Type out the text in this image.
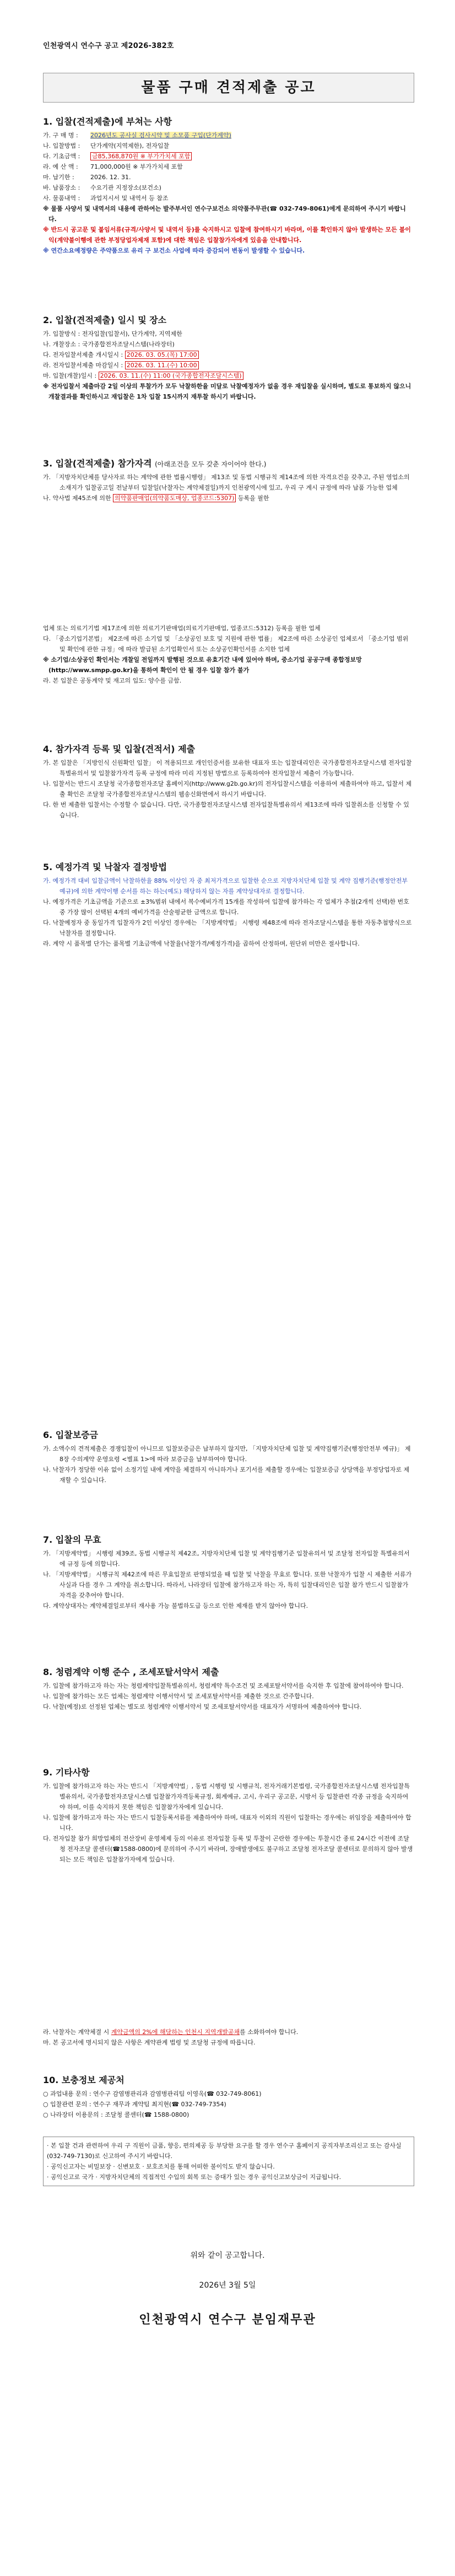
인천광역시 연수구 공고 제2026-382호
물품 구매 견적제출 공고
1. 입찰(견적제출)에 부쳐는 사항

가. 구 매 명 : 2026년도 공사실 검사시약 및 소모품 구입(단가계약)

나. 입찰방법 : 단가계약(지역제한), 전자입찰

다. 기초금액 : 금85,368,870원 ※ 부가가치세 포함

라. 예 산 액 : 71,000,000원 ※ 부가가치세 포함

마. 납기한 :	2026. 12. 31.

바. 납품장소 : 수요기관 지정장소(보건소)

사. 물품내역 : 과업지시서 및 내역서 등 참조

※ 물품 사양서 및 내역서의 내용에 관하여는 발주부서인 연수구보건소 의약품주무관(☎ 032-749-8061)에게 문의하여 주시기 바랍니다.

※ 반드시 공고문 및 붙임서류(규격/사양서 및 내역서 등)를 숙지하시고 입찰에 참여하시기 바라며, 이를 확인하지 않아 발생하는 모든 불이익(계약불이행에 관한 부정당업자제재 포함)에 대한 책임은 입찰참가자에게 있음을 안내합니다.

※ 연간소요예정량은 주약품으로 유리 구 보건소 사업에 따라 증감되어 변동이 발생할 수 있습니다.

2. 입찰(견적제출) 일시 및 장소

가. 입찰방식 : 전자입찰(입찰서), 단가계약, 지역제한

나. 개찰장소 : 국가종합전자조달시스템(나라장터)

다. 전자입찰서제출 개시일시 : 2026. 03. 05.(목) 17:00

라. 전자입찰서제출 마감일시 : 2026. 03. 11.(수) 10:00

마. 입찰(개찰)일시 : 2026. 03. 11.(수) 11:00 (국가종합전자조달시스템)

※ 전자입찰서 제출마감 2일 이상의 투찰가가 모두 낙찰하한율 미달로 낙찰예정자가 없을 경우 재입찰을 실시하며, 별도로 통보하지 않으니 개찰결과를 확인하시고 재입찰은 1차 입찰 15시까지 재투찰 하시기 바랍니다.

3. 입찰(견적제출) 참가자격 (아래조건을 모두 갖춘 자이어야 한다.)

가. 「지방자치단체를 당사자로 하는 계약에 관한 법률시행령」 제13조 및 동법 시행규칙 제14조에 의한 자격요건을 갖추고, 주된 영업소의 소재지가 입찰공고일 전날부터 입찰일(낙찰자는 계약체결일)까지 인천광역시에 있고, 우리 구 계시 규정에 따라 납품 가능한 업체

나. 약사법 제45조에 의한 의약품판매업(의약품도매상, 업종코드:5307) 등록을 필한

업체 또는 의료기기법 제17조에 의한 의료기기판매업(의료기기판매업, 업종코드:5312) 등록을 필한 업체

다. 「중소기업기본법」 제2조에 따른 소기업 및 「소상공인 보호 및 지원에 관한 법률」 제2조에 따른 소상공인 업체로서 「중소기업 범위 및 확인에 관한 규정」에 따라 발급된 소기업확인서 또는 소상공인확인서를 소지한 업체

※ 소기업/소상공인 확인서는 개찰일 전일까지 발행된 것으로 유효기간 내에 있어야 하며, 중소기업 공공구매 종합정보망(http://www.smpp.go.kr)을 통하여 확인이 안 될 경우 입찰 참가 불가

라. 본 입찰은 공동계약 및 재고의 입도: 양수를 금함.

4. 참가자격 등록 및 입찰(견적서) 제출

가. 본 입찰은 「지방인식 신원확인 입찰」 이 적용되므로 개인인증서를 보유한 대표자 또는 입찰대리인은 국가종합전자조달시스템 전자입찰특별유의서 및 입찰참가자격 등록 규정에 따라 미리 지정된 방법으로 등록하여야 전자입찰서 제출이 가능합니다.

나. 입찰서는 반드시 조달청 국가종합전자조달 홈페이지(http://www.g2b.go.kr)의 전자입찰시스템을 이용하여 제출하여야 하고, 입찰서 제출 확인은 조달청 국가종합전자조달시스템의 웹송신화면에서 하시기 바랍니다.

다. 한 번 제출한 입찰서는 수정할 수 없습니다. 다만, 국가종합전자조달시스템 전자입찰특별유의서 제13조에 따라 입찰취소를 신청할 수 있습니다.

5. 예정가격 및 낙찰자 결정방법

가. 예정가격 대비 입찰금액이 낙찰하한율 88% 이상인 자 중 최저가격으로 입찰한 순으로 지방자치단체 입찰 및 계약 집행기준(행정안전부 예규)에 의한 계약이행 순서를 하는 하는(예도) 해당하지 않는 자를 계약상대자로 결정합니다.

나. 예정가격은 기초금액을 기준으로 ±3%범위 내에서 복수예비가격 15개를 작성하여 입찰에 참가하는 각 업체가 추첨(2개씩 선택)한 번호 중 가장 많이 선택된 4개의 예비가격을 산술평균한 금액으로 합니다.

다. 낙찰예정자 중 동일가격 입찰자가 2인 이상인 경우에는 「지방계약법」 시행령 제48조에 따라 전자조달시스템을 통한 자동추첨방식으로 낙찰자를 결정합니다.

라. 계약 시 품목별 단가는 품목별 기초금액에 낙찰율(낙찰가격/예정가격)을 곱하여 산정하며, 원단위 미만은 절사합니다.

6. 입찰보증금

가. 소액수의 견적제출은 경쟁입찰이 아니므로 입찰보증금은 납부하지 않지만, 「지방자치단체 입찰 및 계약집행기준(행정안전부 예규)」 제8장 수의계약 운영요령 <별표 1>에 따라 보증금을 납부하여야 합니다.

나. 낙찰자가 정당한 이유 없이 소정기일 내에 계약을 체결하지 아니하거나 포기서를 제출할 경우에는 입찰보증금 상당액을 부정당업자로 제재할 수 있습니다.

7. 입찰의 무효

가. 「지방계약법」 시행령 제39조, 동법 시행규칙 제42조, 지방자치단체 입찰 및 계약집행기준 입찰유의서 및 조달청 전자입찰 특별유의서에 규정 등에 의합니다.

나. 「지방계약법」 시행규칙 제42조에 따른 무효입찰로 판명되었을 때 입찰 및 낙찰을 무효로 합니다. 또한 낙찰자가 입찰 시 제출한 서류가 사실과 다를 경우 그 계약을 취소합니다. 따라서, 나라장터 입찰에 참가하고자 하는 자, 특히 입찰대리인은 입찰 참가 반드시 입찰참가 자격을 갖추어야 합니다.

다. 계약상대자는 계약체결일로부터 재사용 가능 불법하도급 등으로 인한 제재를 받지 않아야 합니다.

8. 청렴계약 이행 준수 , 조세포탈서약서 제출

가. 입찰에 참가하고자 하는 자는 청렴계약입찰특별유의서, 청렴계약 특수조건 및 조세포탈서약서를 숙지한 후 입찰에 참여하여야 합니다.

나. 입찰에 참가하는 모든 업체는 청렴계약 이행서약서 및 조세포탈서약서를 제출한 것으로 간주합니다.

다. 낙찰(예정)로 선정된 업체는 별도로 청렴계약 이행서약서 및 조세포탈서약서를 대표자가 서명하여 제출하여야 합니다.

9. 기타사항

가. 입찰에 참가하고자 하는 자는 반드시 「지방계약법」, 동법 시행령 및 시행규칙, 전자거래기본법령, 국가종합전자조달시스템 전자입찰특별유의서, 국가종합전자조달시스템 입찰참가자격등록규정, 회계예규, 고시, 우리구 공고문, 시방서 등 입찰관련 각종 규정을 숙지하여야 하며, 이를 숙지하지 못한 책임은 입찰참가자에게 있습니다.

나. 입찰에 참가하고자 하는 자는 반드시 입찰등록서류를 제출하여야 하며, 대표자 이외의 직원이 입찰하는 경우에는 위임장을 제출하여야 합니다.

다. 전자입찰 참가 희망업체의 전산장비 운영체제 등의 이유로 전자입찰 등록 및 투찰이 곤란한 경우에는 투찰시간 종료 24시간 이전에 조달청 전자조달 콜센터(☎1588-0800)에 문의하여 주시기 바라며, 장애발생에도 불구하고 조달청 전자조달 콜센터로 문의하지 않아 발생되는 모든 책임은 입찰참가자에게 있습니다.

라. 낙찰자는 계약체결 시 계약금액의 2%에 해당하는 인천시 지역개발공채를 소화하여야 합니다.

마. 본 공고서에 명시되지 않은 사항은 계약관계 법령 및 조달청 규정에 따릅니다.

10. 보충정보 제공처

○ 과업내용 문의 : 연수구 감염병관리과 감염병관리팀 이영옥(☎ 032-749-8061)

○ 입찰관련 문의 : 연수구 재무과 계약팀 최지현(☎ 032-749-7354)

○ 나라장터 이용문의 : 조달청 콜센터(☎ 1588-0800)

· 본 입찰 건과 관련하여 우리 구 직원이 금품, 향응, 편의제공 등 부당한 요구를 할 경우 연수구 홈페이지 공직자부조리신고 또는 감사실(032-749-7130)로 신고하여 주시기 바랍니다.

· 공익신고자는 비밀보장 · 신변보호 · 보호조치를 통해 어떠한 불이익도 받지 않습니다.

· 공익신고로 국가 · 지방자치단체의 직접적인 수입의 회복 또는 증대가 있는 경우 공익신고보상금이 지급됩니다.

위와 같이 공고합니다.
2026년 3월 5일
인천광역시 연수구 분임재무관
